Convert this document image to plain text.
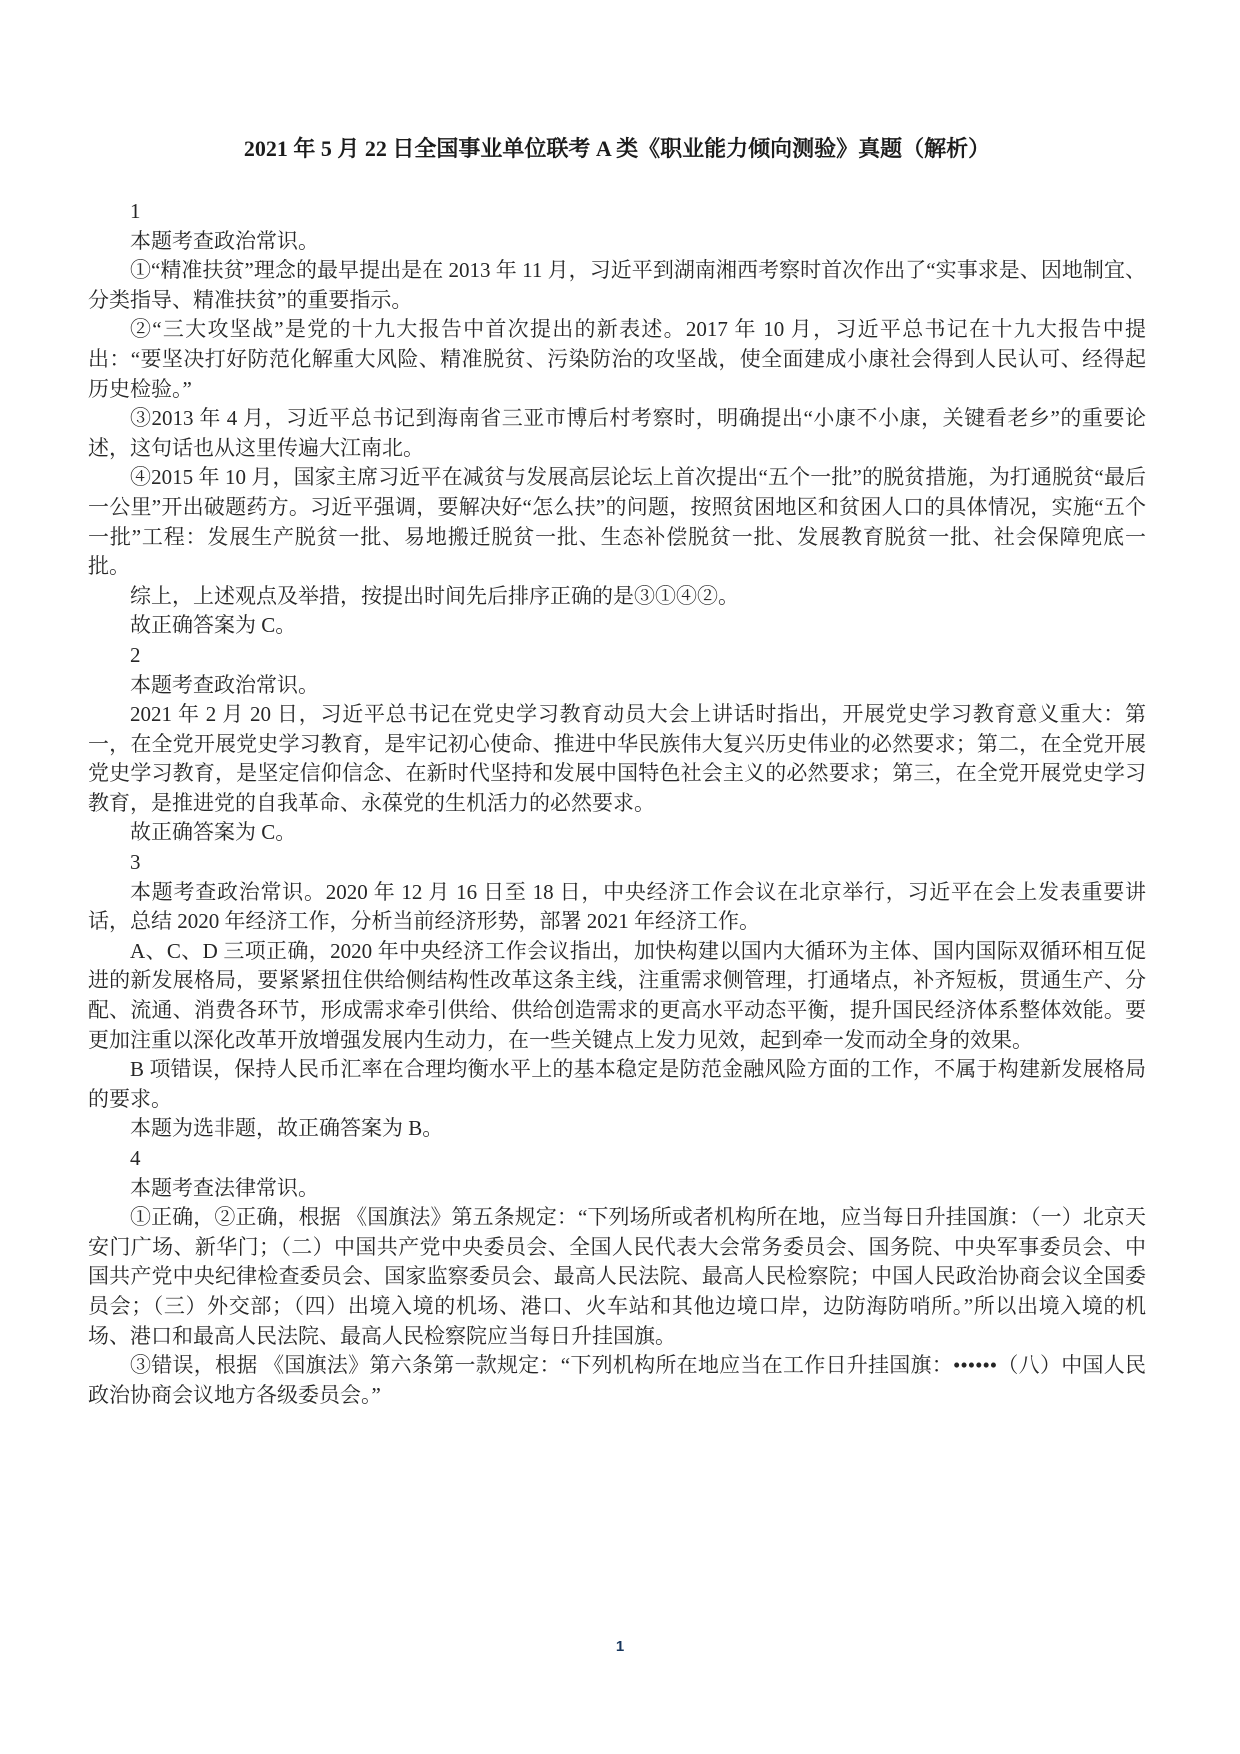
2021 年 5 月 22 日全国事业单位联考 A 类《职业能力倾向测验》真题（解析）

1

本题考查政治常识。

①“精准扶贫”理念的最早提出是在 2013 年 11 月，习近平到湖南湘西考察时首次作出了“实事求是、因地制宜、分类指导、精准扶贫”的重要指示。

②“三大攻坚战”是党的十九大报告中首次提出的新表述。2017 年 10 月，习近平总书记在十九大报告中提出：“要坚决打好防范化解重大风险、精准脱贫、污染防治的攻坚战，使全面建成小康社会得到人民认可、经得起历史检验。”

③2013 年 4 月，习近平总书记到海南省三亚市博后村考察时，明确提出“小康不小康，关键看老乡”的重要论述，这句话也从这里传遍大江南北。

④2015 年 10 月，国家主席习近平在减贫与发展高层论坛上首次提出“五个一批”的脱贫措施，为打通脱贫“最后一公里”开出破题药方。习近平强调，要解决好“怎么扶”的问题，按照贫困地区和贫困人口的具体情况，实施“五个一批”工程：发展生产脱贫一批、易地搬迁脱贫一批、生态补偿脱贫一批、发展教育脱贫一批、社会保障兜底一批。

综上，上述观点及举措，按提出时间先后排序正确的是③①④②。

故正确答案为 C。

2

本题考查政治常识。

2021 年 2 月 20 日，习近平总书记在党史学习教育动员大会上讲话时指出，开展党史学习教育意义重大：第一，在全党开展党史学习教育，是牢记初心使命、推进中华民族伟大复兴历史伟业的必然要求；第二，在全党开展党史学习教育，是坚定信仰信念、在新时代坚持和发展中国特色社会主义的必然要求；第三，在全党开展党史学习教育，是推进党的自我革命、永葆党的生机活力的必然要求。

故正确答案为 C。

3

本题考查政治常识。2020 年 12 月 16 日至 18 日，中央经济工作会议在北京举行，习近平在会上发表重要讲话，总结 2020 年经济工作，分析当前经济形势，部署 2021 年经济工作。

A、C、D 三项正确，2020 年中央经济工作会议指出，加快构建以国内大循环为主体、国内国际双循环相互促进的新发展格局，要紧紧扭住供给侧结构性改革这条主线，注重需求侧管理，打通堵点，补齐短板，贯通生产、分配、流通、消费各环节，形成需求牵引供给、供给创造需求的更高水平动态平衡，提升国民经济体系整体效能。要更加注重以深化改革开放增强发展内生动力，在一些关键点上发力见效，起到牵一发而动全身的效果。

B 项错误，保持人民币汇率在合理均衡水平上的基本稳定是防范金融风险方面的工作，不属于构建新发展格局的要求。

本题为选非题，故正确答案为 B。

4

本题考查法律常识。

①正确，②正确，根据 《国旗法》第五条规定：“下列场所或者机构所在地，应当每日升挂国旗：（一）北京天安门广场、新华门；（二）中国共产党中央委员会、全国人民代表大会常务委员会、国务院、中央军事委员会、中国共产党中央纪律检查委员会、国家监察委员会、最高人民法院、最高人民检察院；中国人民政治协商会议全国委员会；（三）外交部；（四）出境入境的机场、港口、火车站和其他边境口岸，边防海防哨所。”所以出境入境的机场、港口和最高人民法院、最高人民检察院应当每日升挂国旗。

③错误，根据 《国旗法》第六条第一款规定：“下列机构所在地应当在工作日升挂国旗：••••••（八）中国人民政治协商会议地方各级委员会。”

1
